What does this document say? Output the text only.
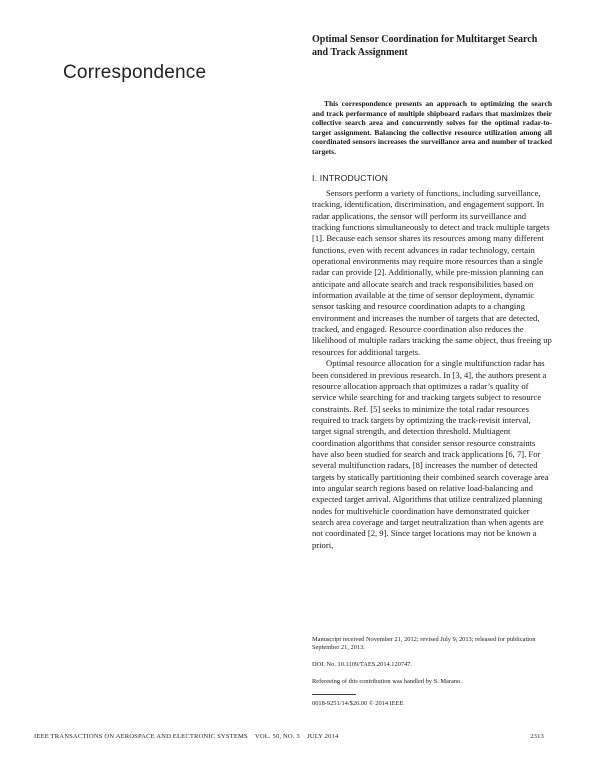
Correspondence
Optimal Sensor Coordination for Multitarget Search and Track Assignment

This correspondence presents an approach to optimizing the search and track performance of multiple shipboard radars that maximizes their collective search area and concurrently solves for the optimal radar-to-target assignment. Balancing the collective resource utilization among all coordinated sensors increases the surveillance area and number of tracked targets.

I. INTRODUCTION

Sensors perform a variety of functions, including surveillance, tracking, identification, discrimination, and engagement support. In radar applications, the sensor will perform its surveillance and tracking functions simultaneously to detect and track multiple targets [1]. Because each sensor shares its resources among many different functions, even with recent advances in radar technology, certain operational environments may require more resources than a single radar can provide [2]. Additionally, while pre-mission planning can anticipate and allocate search and track responsibilities based on information available at the time of sensor deployment, dynamic sensor tasking and resource coordination adapts to a changing environment and increases the number of targets that are detected, tracked, and engaged. Resource coordination also reduces the likelihood of multiple radars tracking the same object, thus freeing up resources for additional targets.

Optimal resource allocation for a single multifunction radar has been considered in previous research. In [3, 4], the authors present a resource allocation approach that optimizes a radar’s quality of service while searching for and tracking targets subject to resource constraints. Ref. [5] seeks to minimize the total radar resources required to track targets by optimizing the track-revisit interval, target signal strength, and detection threshold. Multiagent coordination algorithms that consider sensor resource constraints have also been studied for search and track applications [6, 7]. For several multifunction radars, [8] increases the number of detected targets by statically partitioning their combined search coverage area into angular search regions based on relative load-balancing and expected target arrival. Algorithms that utilize centralized planning nodes for multivehicle coordination have demonstrated quicker search area coverage and target neutralization than when agents are not coordinated [2, 9]. Since target locations may not be known a priori,

Manuscript received November 21, 2012; revised July 9, 2013; released for publication September 21, 2013.

DOI. No. 10.1109/TAES.2014.120747.

Refereeing of this contribution was handled by S. Marano.

0018-9251/14/$26.00 © 2014 IEEE

IEEE TRANSACTIONS ON AEROSPACE AND ELECTRONIC SYSTEMS    VOL. 50, NO. 3    JULY 2014	2313
